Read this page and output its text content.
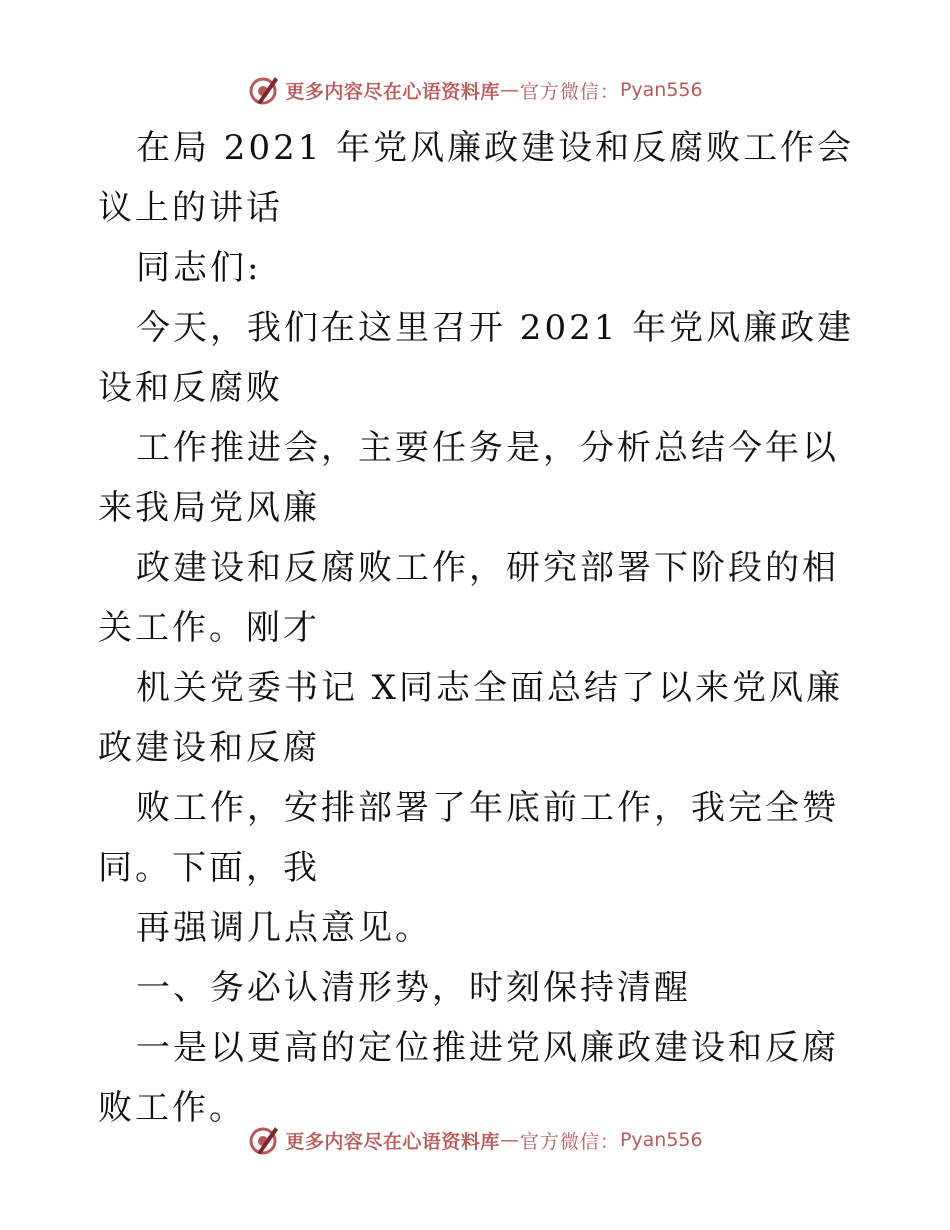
更多内容尽在心语资料库 — 官方微信： Pyan556

在局 2021 年党风廉政建设和反腐败工作会议上的讲话

同志们:

今天，我们在这里召开 2021 年党风廉政建设和反腐败

工作推进会，主要任务是，分析总结今年以来我局党风廉

政建设和反腐败工作，研究部署下阶段的相关工作。刚才

机关党委书记 X同志全面总结了以来党风廉政建设和反腐

败工作，安排部署了年底前工作，我完全赞同。下面，我

再强调几点意见。

一、务必认清形势，时刻保持清醒

一是以更高的定位推进党风廉政建设和反腐败工作。

更多内容尽在心语资料库 — 官方微信： Pyan556
